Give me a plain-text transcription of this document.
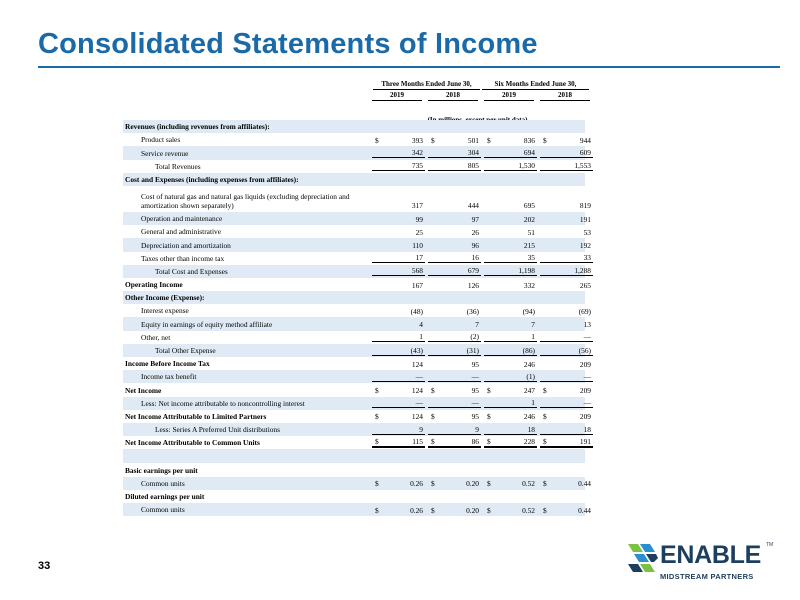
Consolidated Statements of Income
Three Months Ended June 30,	Six Months Ended June 30,
2019	2018	2019	2018
Revenues (including revenues from affiliates):
Product sales	$	393 $	501 $	836 $	944
Service revenue	342	304	694	609
Total Revenues	735	805	1,530	1,553
Cost and Expenses (including expenses from affiliates):
Cost of natural gas and natural gas liquids (excluding depreciation and amortization shown separately)	317	444	695	819
Operation and maintenance	99	97	202	191
General and administrative	25	26	51	53
Depreciation and amortization	110	96	215	192
Taxes other than income tax	17	16	35	33
Total Cost and Expenses	568	679	1,198	1,288
Operating Income	167	126	332	265
Other Income (Expense):
Interest expense	(48)	(36)	(94)	(69)
Equity in earnings of equity method affiliate	4	7	7	13
Other, net	1	(2)	1	—
Total Other Expense	(43)	(31)	(86)	(56)
Income Before Income Tax	124	95	246	209
Income tax benefit	—	—	(1)	—
Net Income	$	124 $	95 $	247 $	209
Less: Net income attributable to noncontrolling interest	—	—	1	—
Net Income Attributable to Limited Partners	$	124 $	95 $	246 $	209
Less: Series A Preferred Unit distributions	9	9	18	18
Net Income Attributable to Common Units	$	115 $	86 $	228 $	191
Basic earnings per unit
Common units	$	0.26 $	0.20 $	0.52 $	0.44
Diluted earnings per unit
Common units	$	0.26 $	0.20 $	0.52 $	0.44
33	ENABLE TM
MIDSTREAM PARTNERS
